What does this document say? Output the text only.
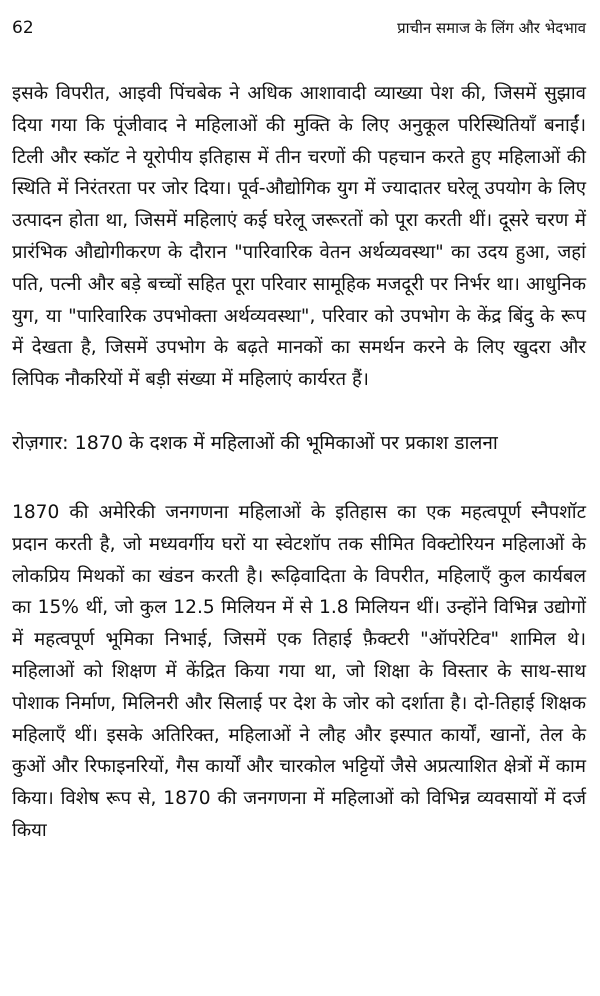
62	प्राचीन समाज के लिंग और भेदभाव

इसके विपरीत, आइवी पिंचबेक ने अधिक आशावादी व्याख्या पेश की, जिसमें सुझाव दिया गया कि पूंजीवाद ने महिलाओं की मुक्ति के लिए अनुकूल परिस्थितियाँ बनाईं। टिली और स्कॉट ने यूरोपीय इतिहास में तीन चरणों की पहचान करते हुए महिलाओं की स्थिति में निरंतरता पर जोर दिया। पूर्व-औद्योगिक युग में ज्यादातर घरेलू उपयोग के लिए उत्पादन होता था, जिसमें महिलाएं कई घरेलू जरूरतों को पूरा करती थीं। दूसरे चरण में प्रारंभिक औद्योगीकरण के दौरान "पारिवारिक वेतन अर्थव्यवस्था" का उदय हुआ, जहां पति, पत्नी और बड़े बच्चों सहित पूरा परिवार सामूहिक मजदूरी पर निर्भर था। आधुनिक युग, या "पारिवारिक उपभोक्ता अर्थव्यवस्था", परिवार को उपभोग के केंद्र बिंदु के रूप में देखता है, जिसमें उपभोग के बढ़ते मानकों का समर्थन करने के लिए खुदरा और लिपिक नौकरियों में बड़ी संख्या में महिलाएं कार्यरत हैं।

रोज़गार: 1870 के दशक में महिलाओं की भूमिकाओं पर प्रकाश डालना

1870 की अमेरिकी जनगणना महिलाओं के इतिहास का एक महत्वपूर्ण स्नैपशॉट प्रदान करती है, जो मध्यवर्गीय घरों या स्वेटशॉप तक सीमित विक्टोरियन महिलाओं के लोकप्रिय मिथकों का खंडन करती है। रूढ़िवादिता के विपरीत, महिलाएँ कुल कार्यबल का 15% थीं, जो कुल 12.5 मिलियन में से 1.8 मिलियन थीं। उन्होंने विभिन्न उद्योगों में महत्वपूर्ण भूमिका निभाई, जिसमें एक तिहाई फ़ैक्टरी "ऑपरेटिव" शामिल थे। महिलाओं को शिक्षण में केंद्रित किया गया था, जो शिक्षा के विस्तार के साथ-साथ पोशाक निर्माण, मिलिनरी और सिलाई पर देश के जोर को दर्शाता है। दो-तिहाई शिक्षक महिलाएँ थीं। इसके अतिरिक्त, महिलाओं ने लौह और इस्पात कार्यों, खानों, तेल के कुओं और रिफाइनरियों, गैस कार्यों और चारकोल भट्टियों जैसे अप्रत्याशित क्षेत्रों में काम किया। विशेष रूप से, 1870 की जनगणना में महिलाओं को विभिन्न व्यवसायों में दर्ज किया
